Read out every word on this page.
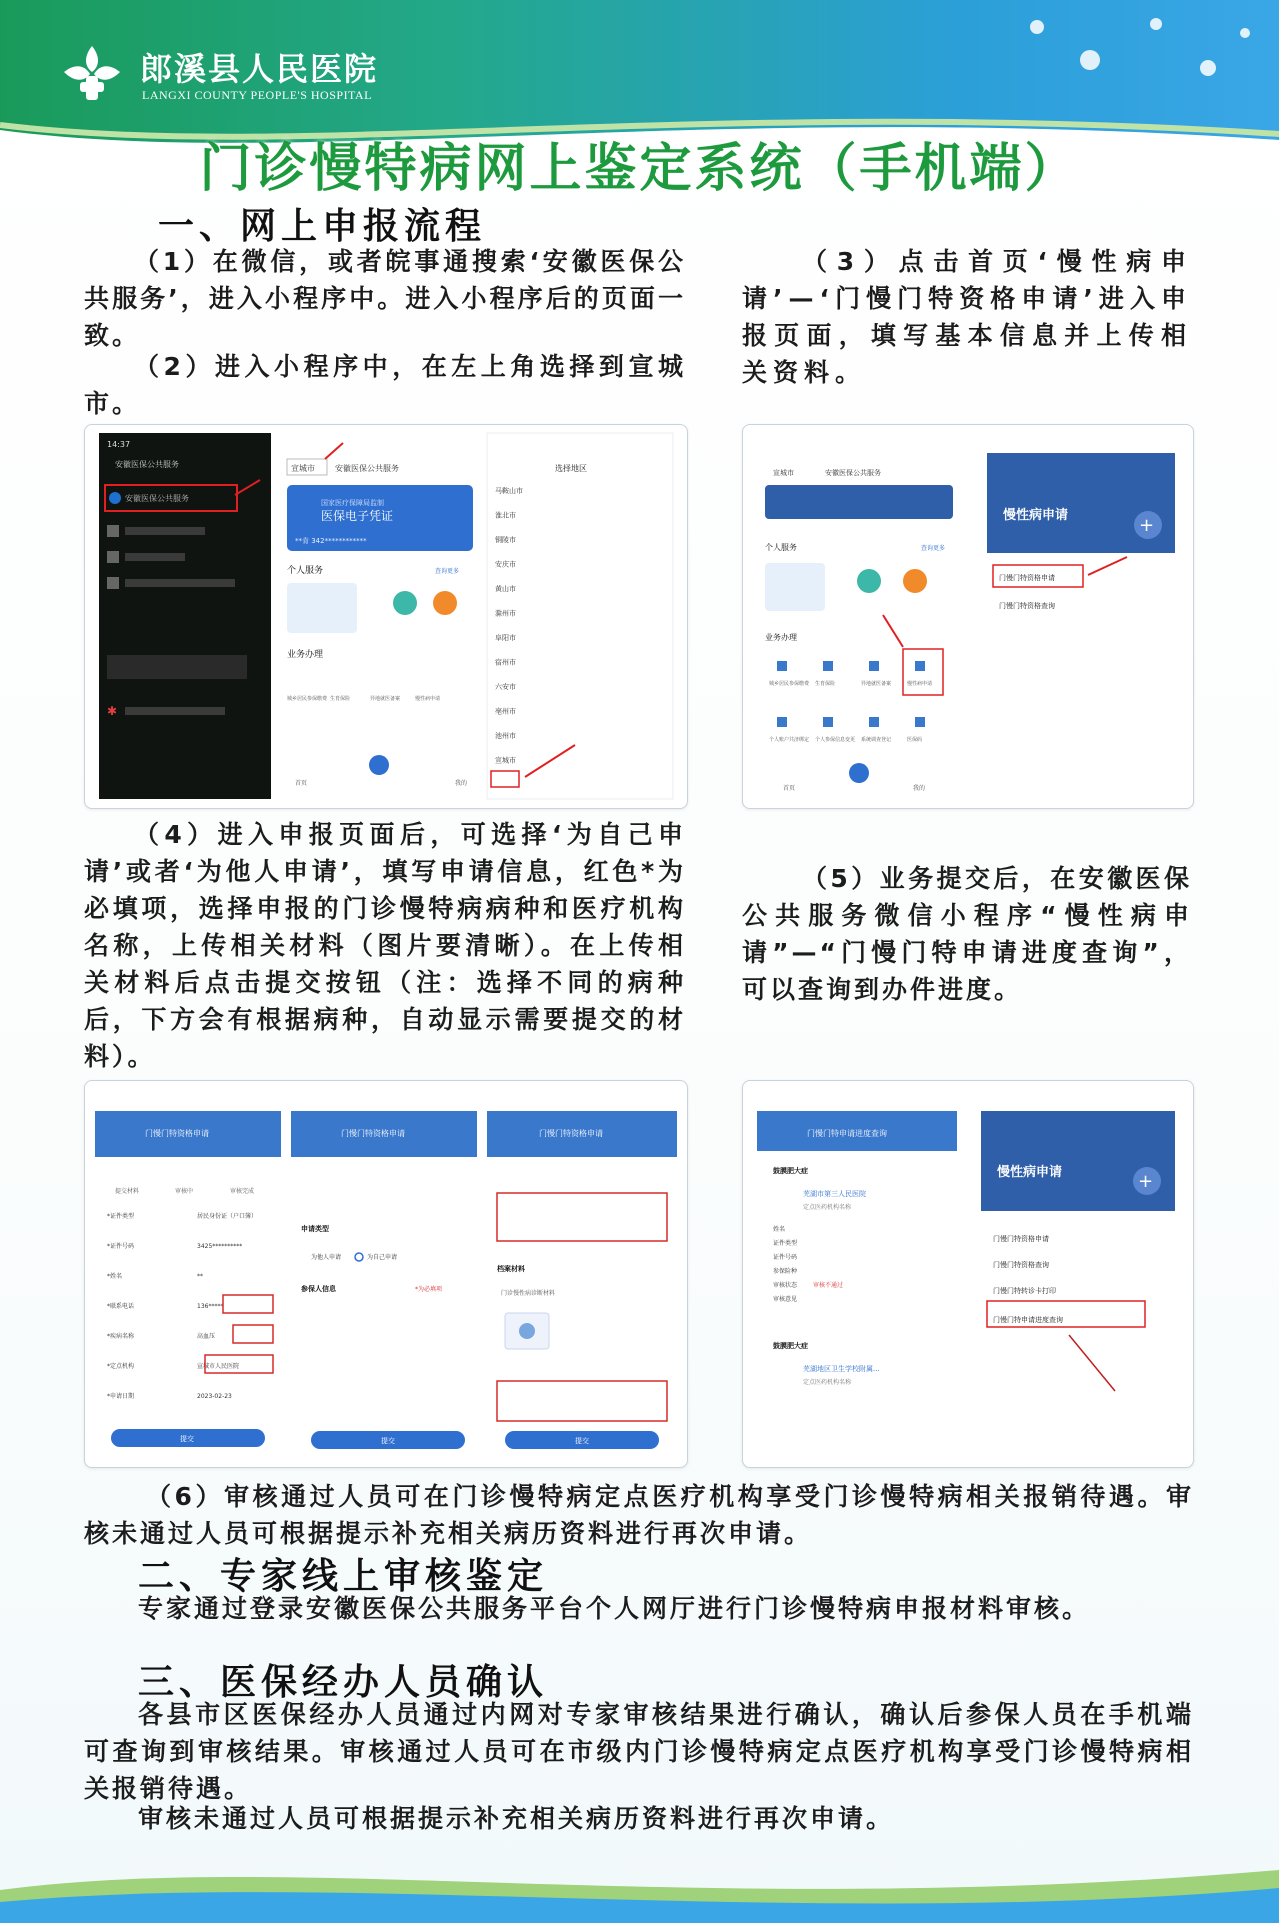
郎溪县人民医院
LANGXI COUNTY PEOPLE'S HOSPITAL
门诊慢特病网上鉴定系统（手机端）
一、网上申报流程
（1）在微信，或者皖事通搜索‘安徽医保公共服务’，进入小程序中。进入小程序后的页面一致。
（2）进入小程序中，在左上角选择到宣城市。
（3）点击首页‘慢性病申请’—‘门慢门特资格申请’进入申报页面，填写基本信息并上传相关资料。
14:37
安徽医保公共服务
安徽医保公共服务
✱
宣城市	安徽医保公共服务
国家医疗保障局监制
医保电子凭证
**肯 342************
个人服务	查询更多
业务办理
城乡居民参保缴费 生育保险	异地就医备案	慢性病申请
首页	我的
选择地区
马鞍山市
淮北市
铜陵市
安庆市
黄山市
滁州市
阜阳市
宿州市
六安市
亳州市
池州市
宣城市
宣城市	安徽医保公共服务
个人服务	查询更多
业务办理
城乡居民参保缴费 生育保险	异地就医备案	慢性病申请
个人账户共济绑定 个人参保信息变更 系统调查登记	医保码
首页	我的
慢性病申请	+
门慢门特资格申请
门慢门特资格查询
（4）进入申报页面后，可选择‘为自己申请’或者‘为他人申请’，填写申请信息，红色*为必填项，选择申报的门诊慢特病病种和医疗机构名称，上传相关材料（图片要清晰）。在上传相关材料后点击提交按钮（注：选择不同的病种后，下方会有根据病种，自动显示需要提交的材料）。
（5）业务提交后，在安徽医保公共服务微信小程序“慢性病申请”—“门慢门特申请进度查询”，可以查询到办件进度。
门慢门特资格申请
提交材料	审核中	审核完成
*证件类型	居民身份证（户口簿）
*证件号码	3425**********
*姓名	**
*联系电话	136*****
*疾病名称	高血压
*定点机构	宣城市人民医院
*申请日期	2023-02-23
提交
门慢门特资格申请
申请类型
为他人申请	为自己申请
参保人信息	*为必填项
提交
门慢门特资格申请
档案材料
门诊慢性病诊断材料
提交
门慢门特申请进度查询
鼓膜肥大症
芜湖市第三人民医院
定点医药机构名称
姓名
证件类型
证件号码
参保险种
审核状态
审核意见
审核不通过
鼓膜肥大症
芜湖地区卫生学校附属...
定点医药机构名称
慢性病申请	+
门慢门特资格申请
门慢门特资格查询
门慢门特转诊卡打印
门慢门特申请进度查询
（6）审核通过人员可在门诊慢特病定点医疗机构享受门诊慢特病相关报销待遇。审核未通过人员可根据提示补充相关病历资料进行再次申请。
二、专家线上审核鉴定
专家通过登录安徽医保公共服务平台个人网厅进行门诊慢特病申报材料审核。
三、医保经办人员确认
各县市区医保经办人员通过内网对专家审核结果进行确认，确认后参保人员在手机端可查询到审核结果。审核通过人员可在市级内门诊慢特病定点医疗机构享受门诊慢特病相关报销待遇。
审核未通过人员可根据提示补充相关病历资料进行再次申请。
